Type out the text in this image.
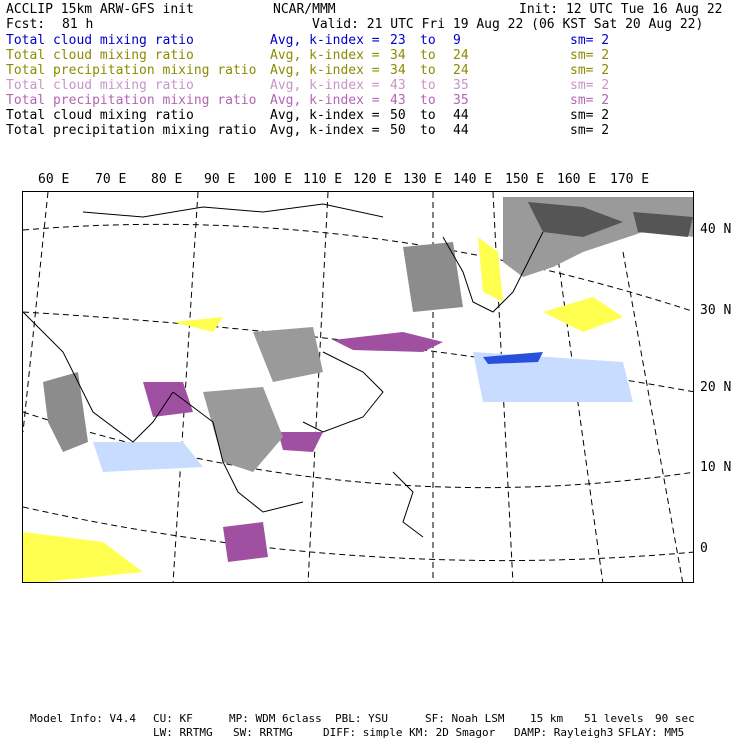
ACCLIP 15km ARW-GFS init	NCAR/MMM	Init: 12 UTC Tue 16 Aug 22
Fcst: 81 h	Valid: 21 UTC Fri 19 Aug 22 (06 KST Sat 20 Aug 22)
Total cloud mixing ratio	Avg, k-index = 23 to 9	sm= 2
Total cloud mixing ratio	Avg, k-index = 34 to 24	sm= 2
Total precipitation mixing ratio Avg, k-index = 34 to 24	sm= 2
Total cloud mixing ratio	Avg, k-index = 43 to 35	sm= 2
Total precipitation mixing ratio Avg, k-index = 43 to 35	sm= 2
Total cloud mixing ratio	Avg, k-index = 50 to 44	sm= 2
Total precipitation mixing ratio Avg, k-index = 50 to 44	sm= 2
60 E 70 E 80 E 90 E 100 E 110 E 120 E 130 E 140 E 150 E 160 E 170 E
40 N
30 N
20 N
10 N
0
Model Info: V4.4 CU: KF	MP: WDM 6class PBL: YSU	SF: Noah LSM 15 km 51 levels 90 sec
LW: RRTMG SW: RRTMG	DIFF: simple KM: 2D Smagor DAMP: Rayleigh3 SFLAY: MM5
